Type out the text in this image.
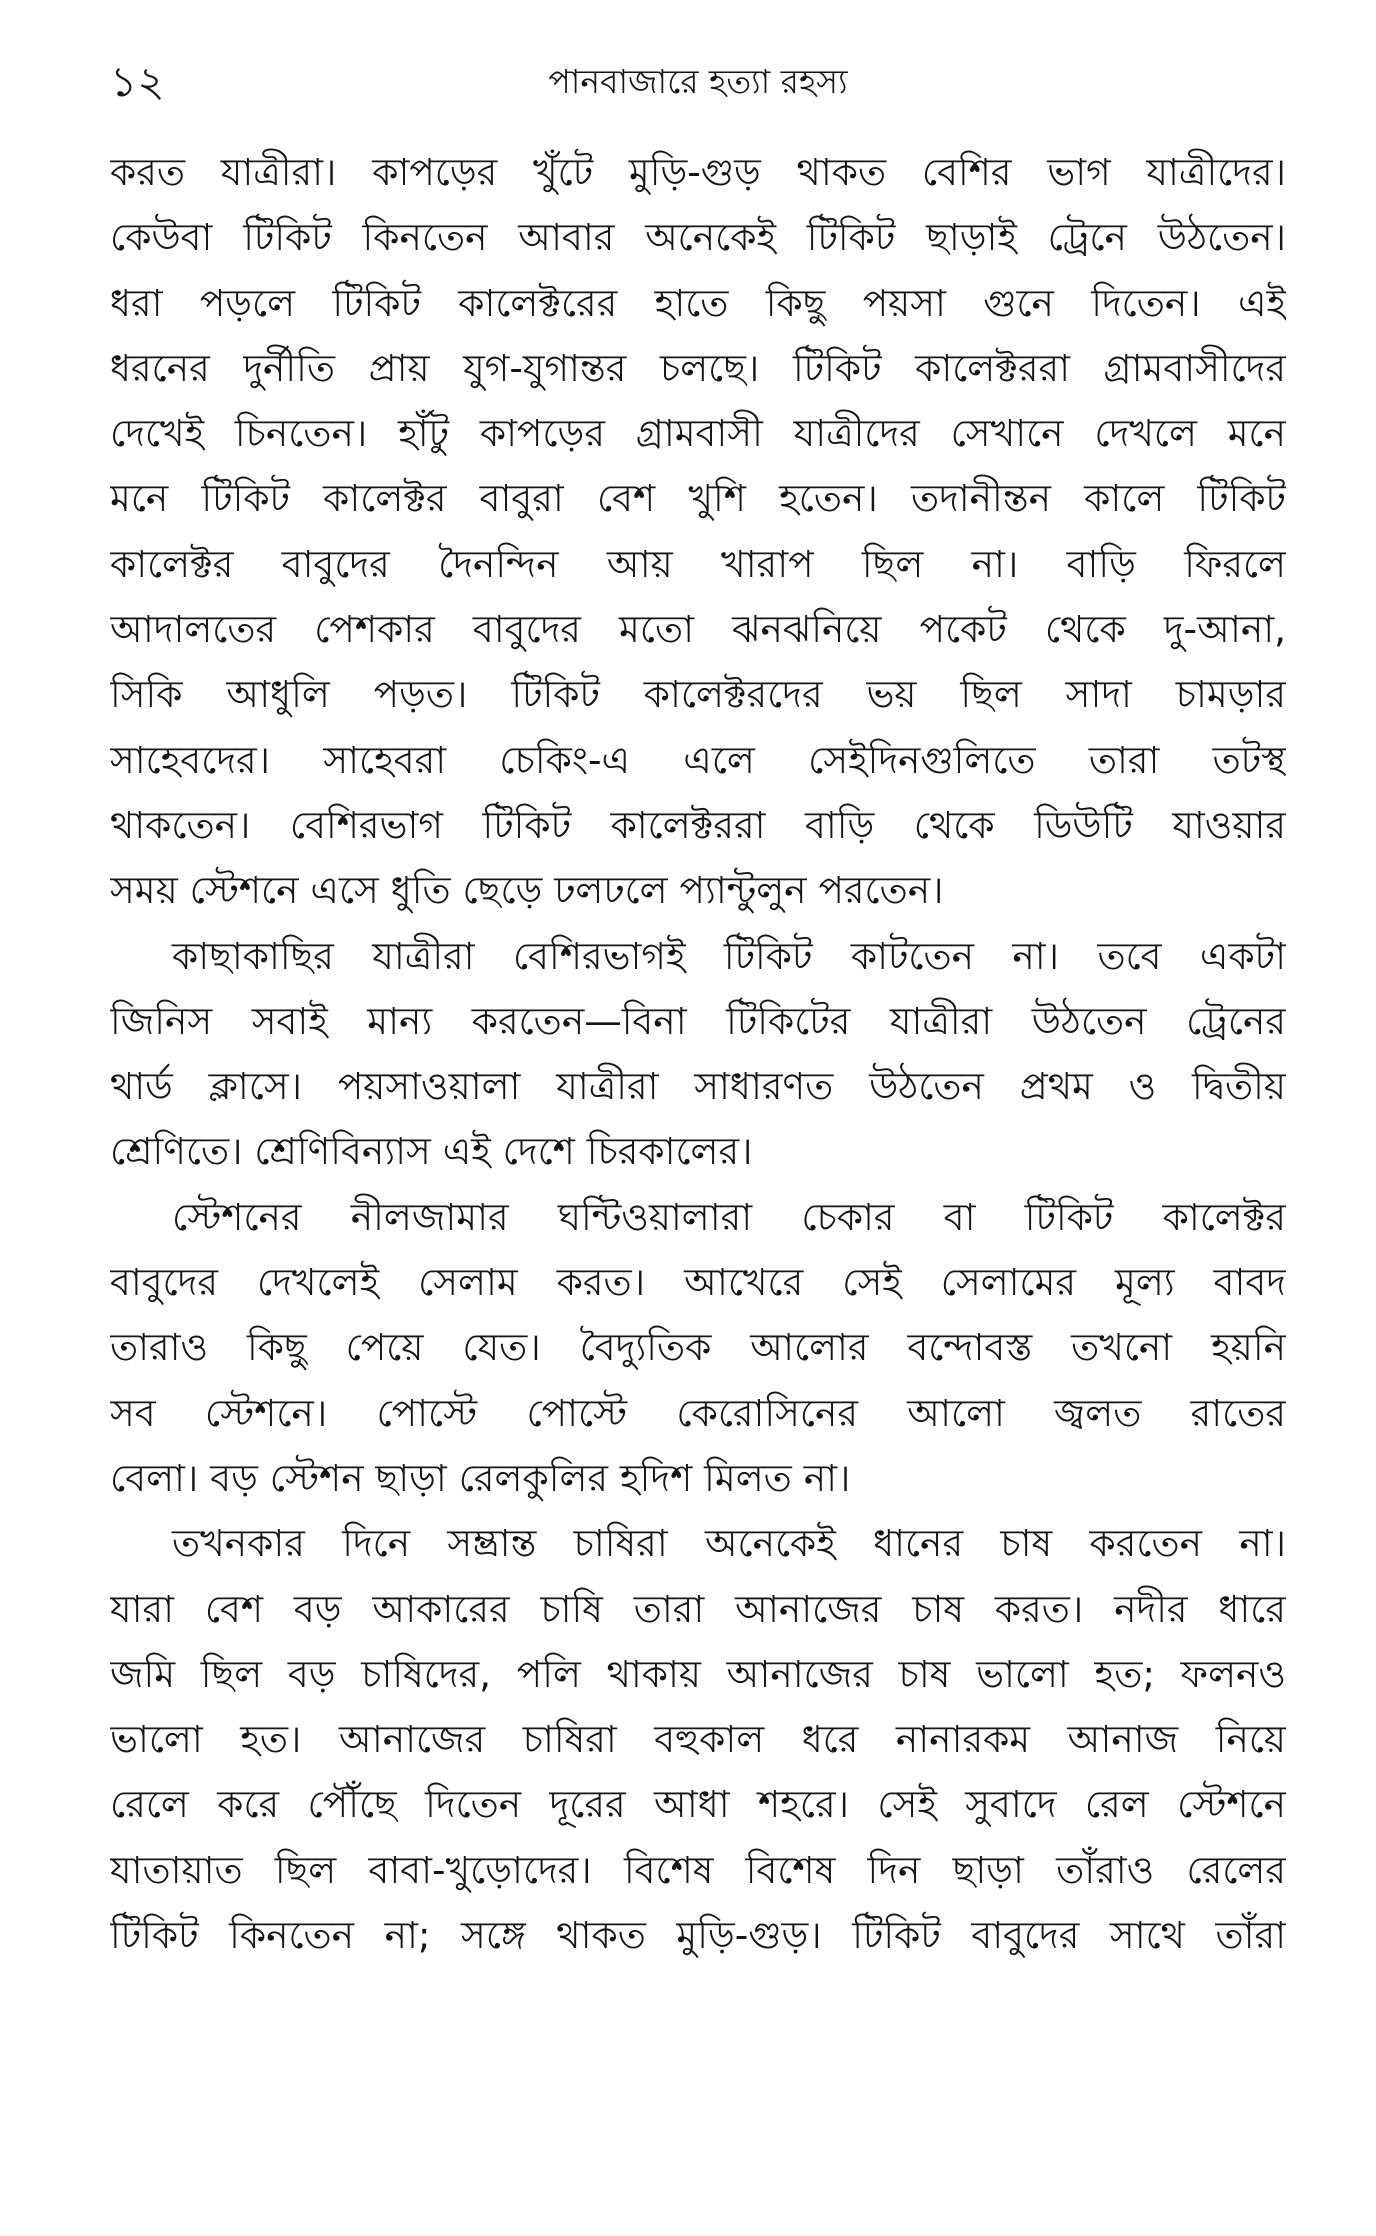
১২	পানবাজারে হত্যা রহস্য
করত যাত্রীরা। কাপড়ের খুঁটে মুড়ি-গুড় থাকত বেশির ভাগ যাত্রীদের।
কেউবা টিকিট কিনতেন আবার অনেকেই টিকিট ছাড়াই ট্রেনে উঠতেন।
ধরা পড়লে টিকিট কালেক্টরের হাতে কিছু পয়সা গুনে দিতেন। এই
ধরনের দুর্নীতি প্রায় যুগ-যুগান্তর চলছে। টিকিট কালেক্টররা গ্রামবাসীদের
দেখেই চিনতেন। হাঁটু কাপড়ের গ্রামবাসী যাত্রীদের সেখানে দেখলে মনে
মনে টিকিট কালেক্টর বাবুরা বেশ খুশি হতেন। তদানীন্তন কালে টিকিট
কালেক্টর বাবুদের দৈনন্দিন আয় খারাপ ছিল না। বাড়ি ফিরলে
আদালতের পেশকার বাবুদের মতো ঝনঝনিয়ে পকেট থেকে দু-আনা,
সিকি আধুলি পড়ত। টিকিট কালেক্টরদের ভয় ছিল সাদা চামড়ার
সাহেবদের। সাহেবরা চেকিং-এ এলে সেইদিনগুলিতে তারা তটস্থ
থাকতেন। বেশিরভাগ টিকিট কালেক্টররা বাড়ি থেকে ডিউটি যাওয়ার
সময় স্টেশনে এসে ধুতি ছেড়ে ঢলঢলে প্যান্টুলুন পরতেন।
কাছাকাছির যাত্রীরা বেশিরভাগই টিকিট কাটতেন না। তবে একটা
জিনিস সবাই মান্য করতেন—বিনা টিকিটের যাত্রীরা উঠতেন ট্রেনের
থার্ড ক্লাসে। পয়সাওয়ালা যাত্রীরা সাধারণত উঠতেন প্রথম ও দ্বিতীয়
শ্রেণিতে। শ্রেণিবিন্যাস এই দেশে চিরকালের।
স্টেশনের নীলজামার ঘন্টিওয়ালারা চেকার বা টিকিট কালেক্টর
বাবুদের দেখলেই সেলাম করত। আখেরে সেই সেলামের মূল্য বাবদ
তারাও কিছু পেয়ে যেত। বৈদ্যুতিক আলোর বন্দোবস্ত তখনো হয়নি
সব স্টেশনে। পোস্টে পোস্টে কেরোসিনের আলো জ্বলত রাতের
বেলা। বড় স্টেশন ছাড়া রেলকুলির হদিশ মিলত না।
তখনকার দিনে সম্ভ্রান্ত চাষিরা অনেকেই ধানের চাষ করতেন না।
যারা বেশ বড় আকারের চাষি তারা আনাজের চাষ করত। নদীর ধারে
জমি ছিল বড় চাষিদের, পলি থাকায় আনাজের চাষ ভালো হত; ফলনও
ভালো হত। আনাজের চাষিরা বহুকাল ধরে নানারকম আনাজ নিয়ে
রেলে করে পৌঁছে দিতেন দূরের আধা শহরে। সেই সুবাদে রেল স্টেশনে
যাতায়াত ছিল বাবা-খুড়োদের। বিশেষ বিশেষ দিন ছাড়া তাঁরাও রেলের
টিকিট কিনতেন না; সঙ্গে থাকত মুড়ি-গুড়। টিকিট বাবুদের সাথে তাঁরা
